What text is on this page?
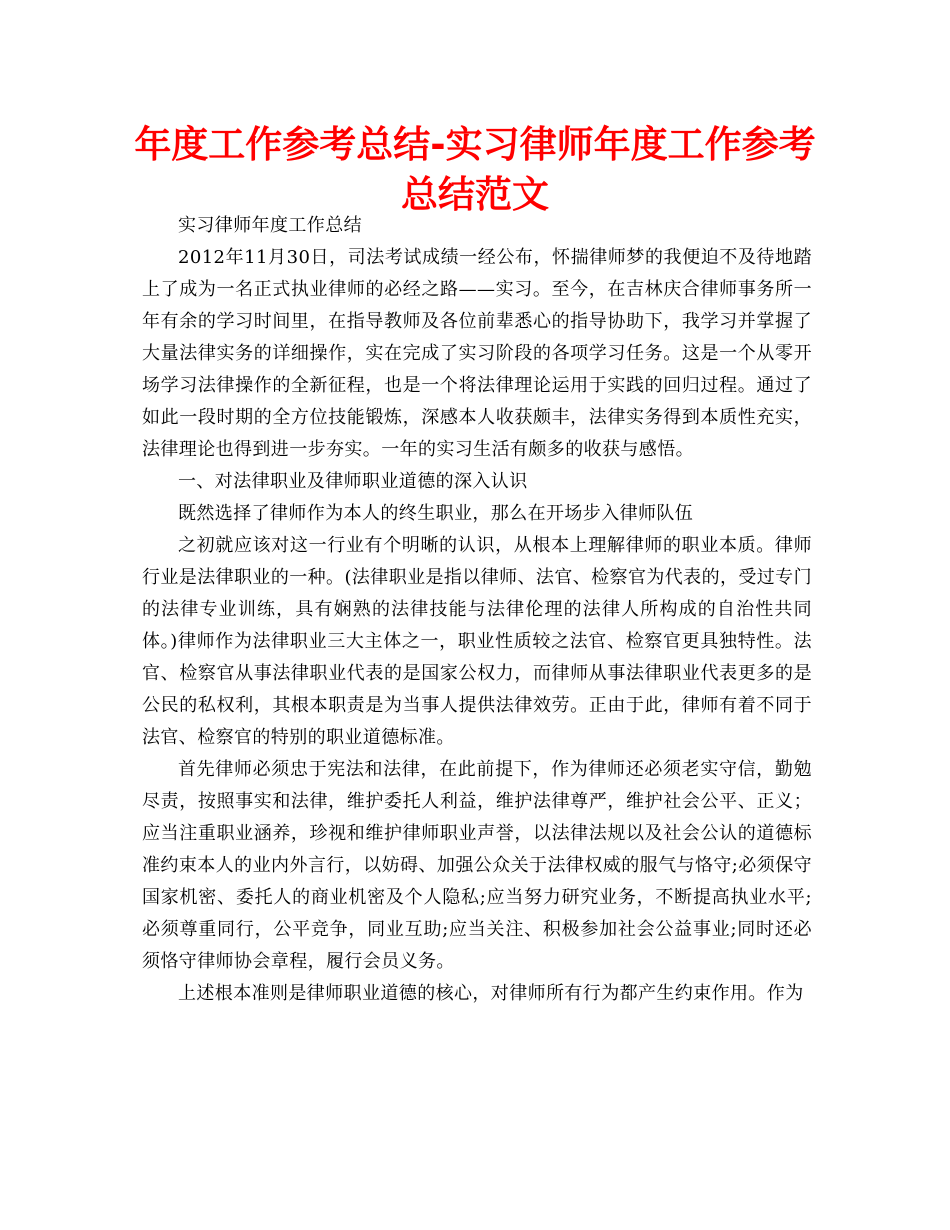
年度工作参考总结-实习律师年度工作参考总结范文

实习律师年度工作总结

2012年11月30日，司法考试成绩一经公布，怀揣律师梦的我便迫不及待地踏上了成为一名正式执业律师的必经之路——实习。至今，在吉林庆合律师事务所一年有余的学习时间里，在指导教师及各位前辈悉心的指导协助下，我学习并掌握了大量法律实务的详细操作，实在完成了实习阶段的各项学习任务。这是一个从零开场学习法律操作的全新征程，也是一个将法律理论运用于实践的回归过程。通过了如此一段时期的全方位技能锻炼，深感本人收获颇丰，法律实务得到本质性充实，法律理论也得到进一步夯实。一年的实习生活有颇多的收获与感悟。

一、对法律职业及律师职业道德的深入认识

既然选择了律师作为本人的终生职业，那么在开场步入律师队伍

之初就应该对这一行业有个明晰的认识，从根本上理解律师的职业本质。律师行业是法律职业的一种。(法律职业是指以律师、法官、检察官为代表的，受过专门的法律专业训练，具有娴熟的法律技能与法律伦理的法律人所构成的自治性共同体。)律师作为法律职业三大主体之一，职业性质较之法官、检察官更具独特性。法官、检察官从事法律职业代表的是国家公权力，而律师从事法律职业代表更多的是公民的私权利，其根本职责是为当事人提供法律效劳。正由于此，律师有着不同于法官、检察官的特别的职业道德标准。

首先律师必须忠于宪法和法律，在此前提下，作为律师还必须老实守信，勤勉尽责，按照事实和法律，维护委托人利益，维护法律尊严，维护社会公平、正义；应当注重职业涵养，珍视和维护律师职业声誉，以法律法规以及社会公认的道德标准约束本人的业内外言行，以妨碍、加强公众关于法律权威的服气与恪守;必须保守国家机密、委托人的商业机密及个人隐私;应当努力研究业务，不断提高执业水平;必须尊重同行，公平竞争，同业互助;应当关注、积极参加社会公益事业;同时还必须恪守律师协会章程，履行会员义务。

上述根本准则是律师职业道德的核心，对律师所有行为都产生约束作用。作为
